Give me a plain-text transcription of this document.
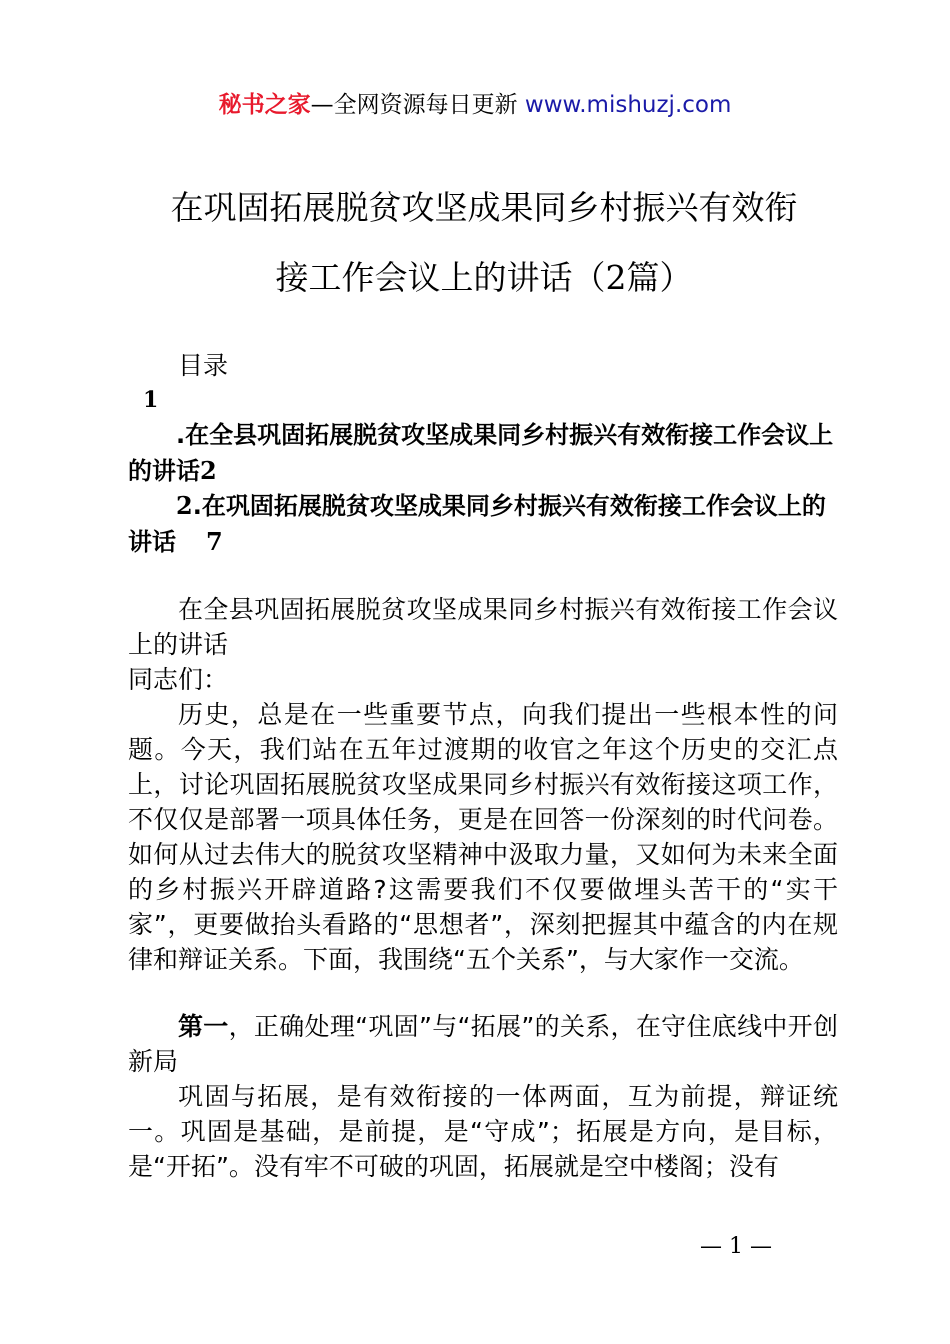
秘书之家—全网资源每日更新 www.mishuzj.com
在巩固拓展脱贫攻坚成果同乡村振兴有效衔
接工作会议上的讲话（2篇）
目录
1

.在全县巩固拓展脱贫攻坚成果同乡村振兴有效衔接工作会议上的讲话2

2.在巩固拓展脱贫攻坚成果同乡村振兴有效衔接工作会议上的讲话 7

在全县巩固拓展脱贫攻坚成果同乡村振兴有效衔接工作会议上的讲话

同志们：

历史，总是在一些重要节点，向我们提出一些根本性的问题。今天，我们站在五年过渡期的收官之年这个历史的交汇点上，讨论巩固拓展脱贫攻坚成果同乡村振兴有效衔接这项工作，不仅仅是部署一项具体任务，更是在回答一份深刻的时代问卷。如何从过去伟大的脱贫攻坚精神中汲取力量，又如何为未来全面的乡村振兴开辟道路?这需要我们不仅要做埋头苦干的“实干家”，更要做抬头看路的“思想者”，深刻把握其中蕴含的内在规律和辩证关系。下面，我围绕“五个关系”，与大家作一交流。

第一，正确处理“巩固”与“拓展”的关系，在守住底线中开创新局

巩固与拓展，是有效衔接的一体两面，互为前提，辩证统一。巩固是基础，是前提，是“守成”；拓展是方向，是目标，是“开拓”。没有牢不可破的巩固，拓展就是空中楼阁；没有

— 1 —
